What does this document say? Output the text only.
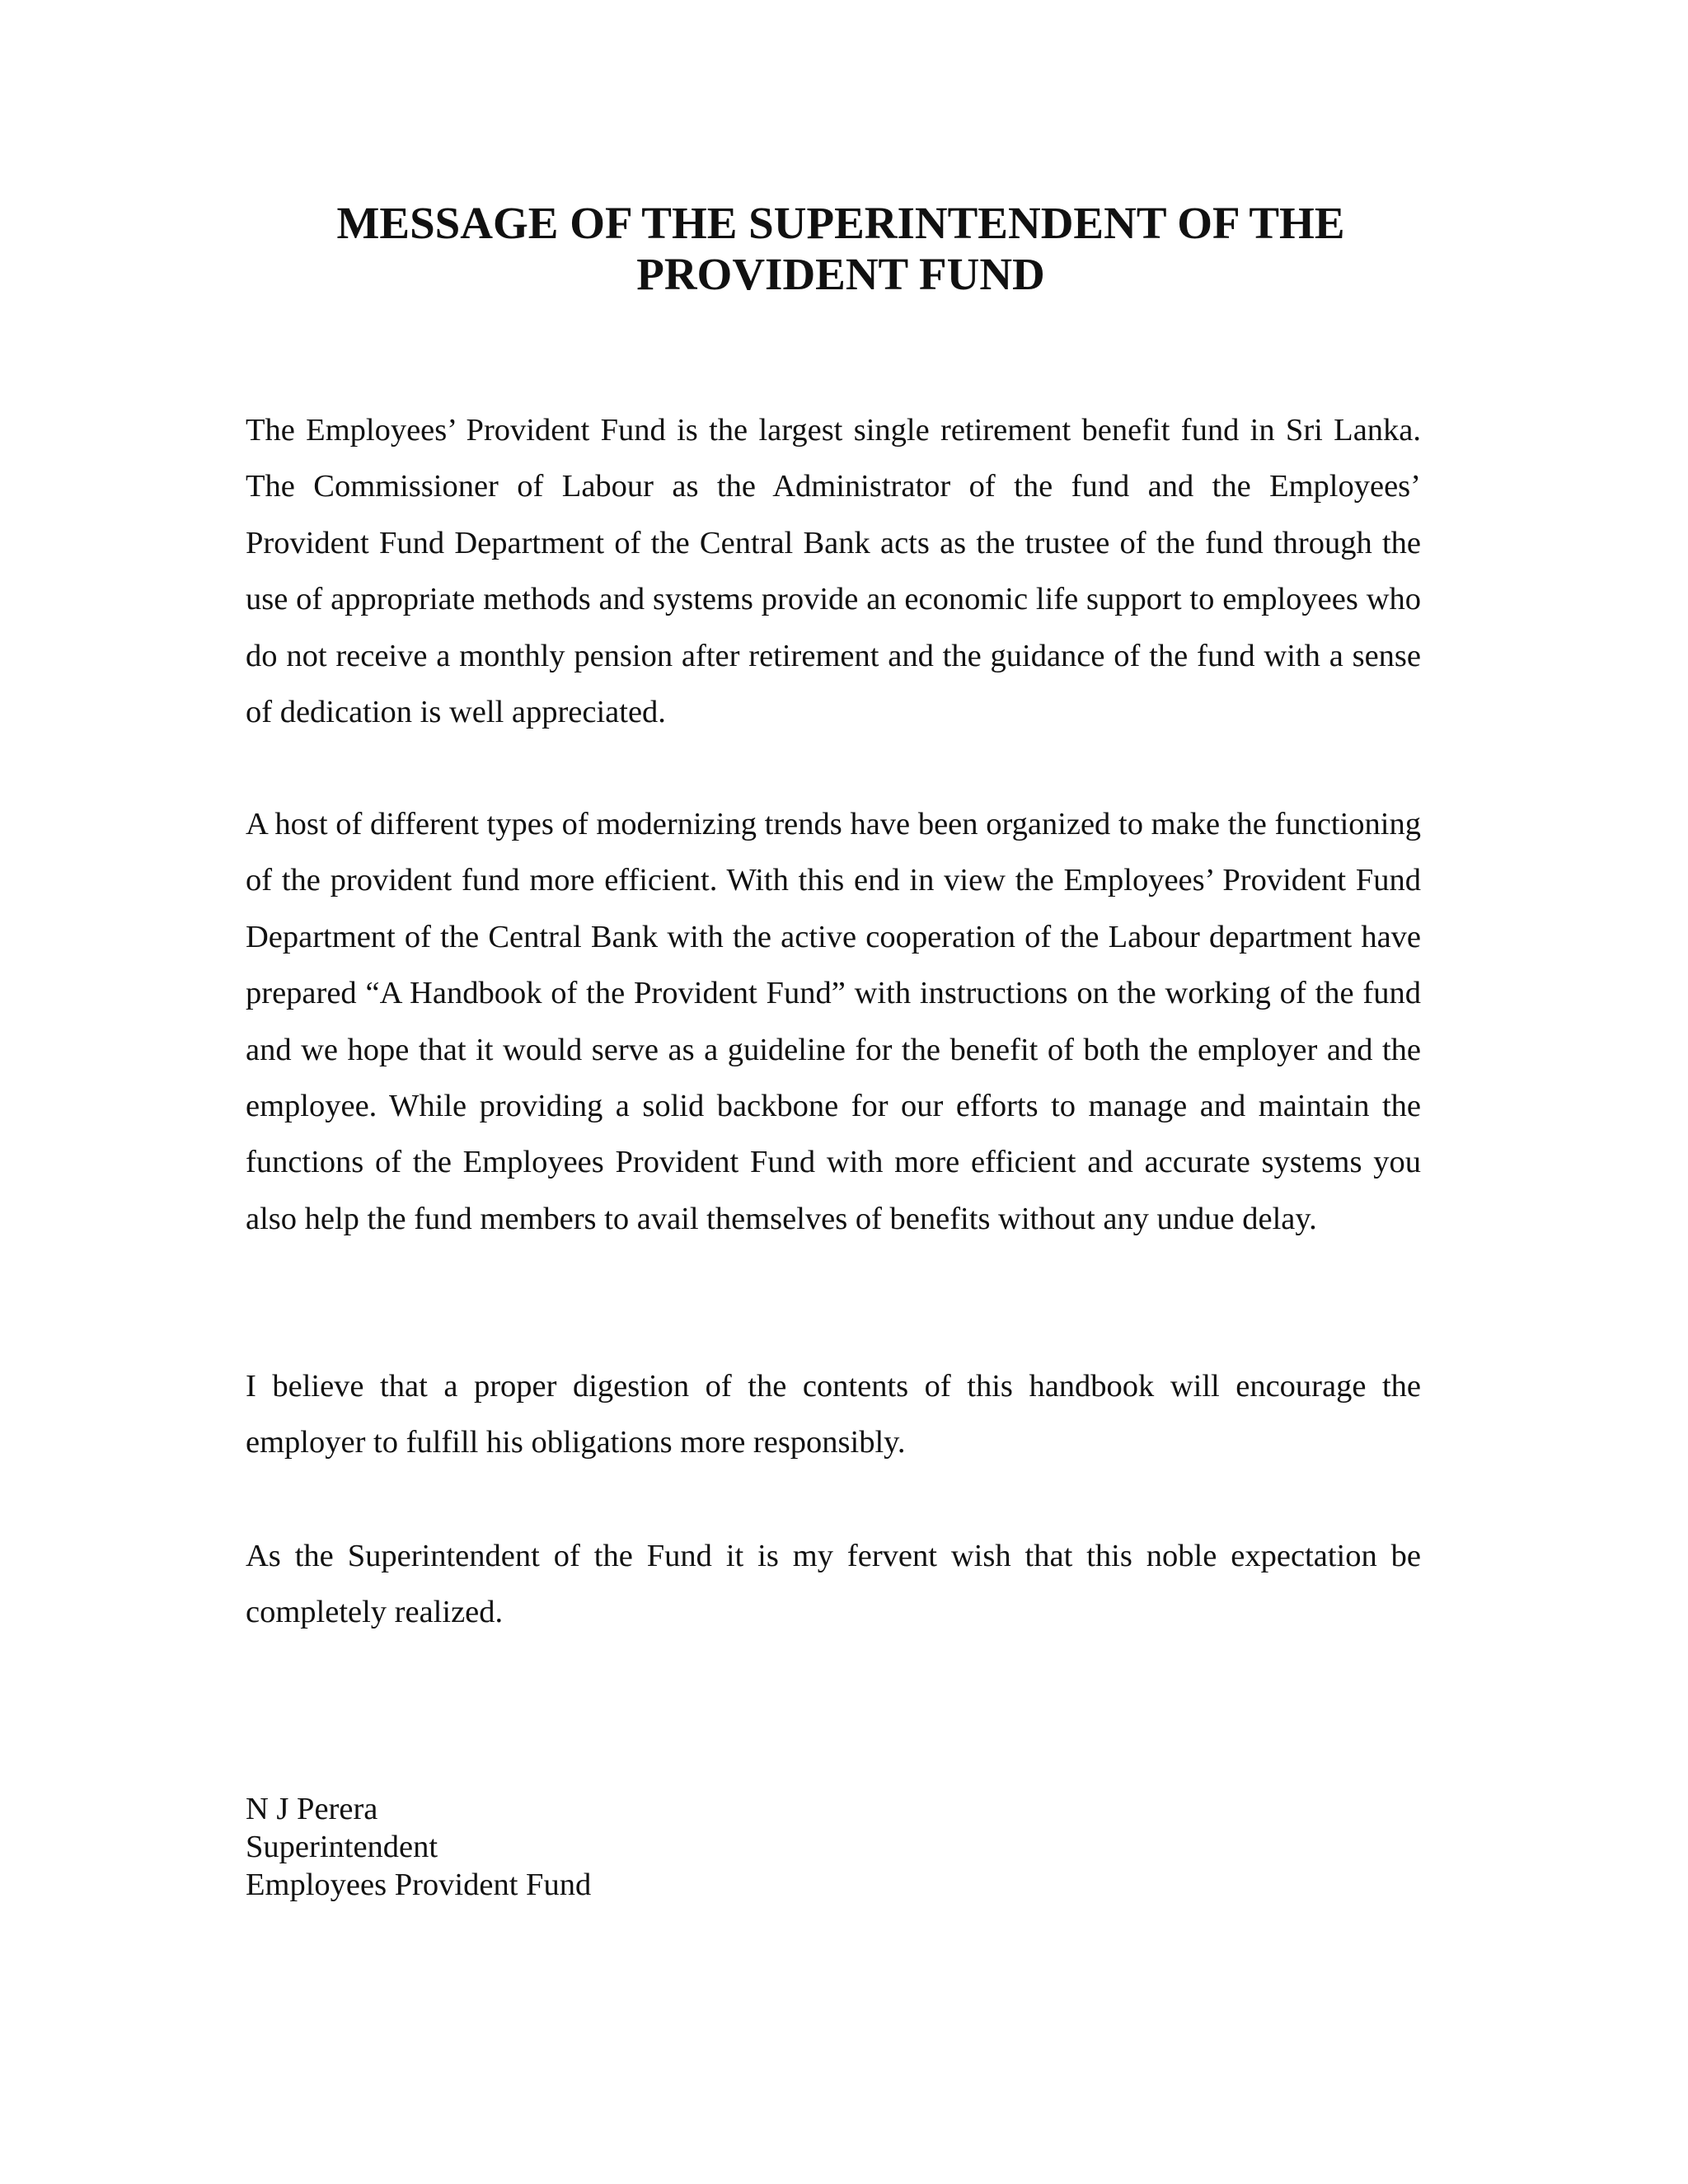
MESSAGE OF THE SUPERINTENDENT OF THE
PROVIDENT FUND

The Employees’ Provident Fund is the largest single retirement benefit fund in Sri Lanka. The Commissioner of Labour as the Administrator of the fund and the Employees’ Provident Fund Department of the Central Bank acts as the trustee of the fund through the use of appropriate methods and systems provide an economic life support to employees who do not receive a monthly pension after retirement and the guidance of the fund with a sense of dedication is well appreciated.

A host of different types of modernizing trends have been organized to make the functioning of the provident fund more efficient. With this end in view the Employees’ Provident Fund Department of the Central Bank with the active cooperation of the Labour department have prepared “A Handbook of the Provident Fund” with instructions on the working of the fund and we hope that it would serve as a guideline for the benefit of both the employer and the employee. While providing a solid backbone for our efforts to manage and maintain the functions of the Employees Provident Fund with more efficient and accurate systems you also help the fund members to avail themselves of benefits without any undue delay.

I believe that a proper digestion of the contents of this handbook will encourage the employer to fulfill his obligations more responsibly.

As the Superintendent of the Fund it is my fervent wish that this noble expectation be completely realized.

N J Perera
Superintendent
Employees Provident Fund
